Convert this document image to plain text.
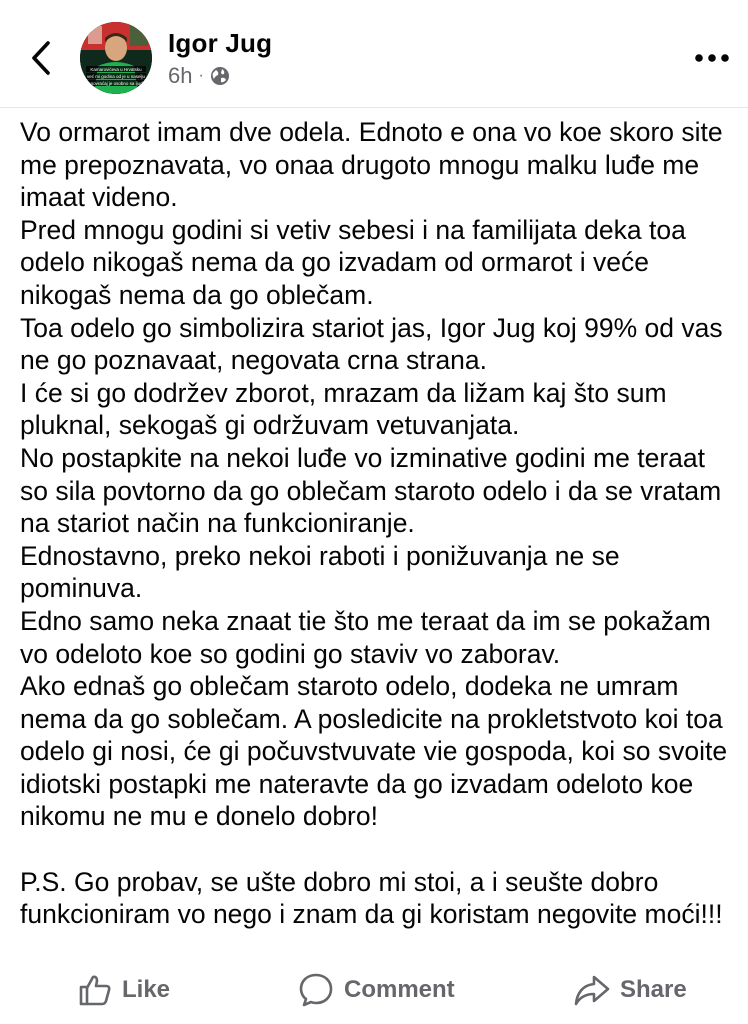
Kamarovićeva u Hrvatsku
već mi godina od je u naselju
i povraćaj je osobno sa ljudi
Igor Jug
6h ·

Vo ormarot imam dve odela. Ednoto e ona vo koe skoro site me prepoznavata, vo onaa drugoto mnogu malku luđe me imaat videno.

Pred mnogu godini si vetiv sebesi i na familijata deka toa odelo nikogaš nema da go izvadam od ormarot i veće nikogaš nema da go oblečam.

Toa odelo go simbolizira stariot jas, Igor Jug koj 99% od vas ne go poznavaat, negovata crna strana.

I će si go dodržev zborot, mrazam da ližam kaj što sum pluknal, sekogaš gi održuvam vetuvanjata.

No postapkite na nekoi luđe vo izminative godini me teraat so sila povtorno da go oblečam staroto odelo i da se vratam na stariot način na funkcioniranje.

Ednostavno, preko nekoi raboti i ponižuvanja ne se pominuva.

Edno samo neka znaat tie što me teraat da im se pokažam vo odeloto koe so godini go staviv vo zaborav.

Ako ednaš go oblečam staroto odelo, dodeka ne umram nema da go soblečam. A posledicite na prokletstvoto koi toa odelo gi nosi, će gi počuvstvuvate vie gospoda, koi so svoite idiotski postapki me nateravte da go izvadam odeloto koe nikomu ne mu e donelo dobro!

P.S. Go probav, se ušte dobro mi stoi, a i seušte dobro funkcioniram vo nego i znam da gi koristam negovite moći!!!

Like	Comment	Share
